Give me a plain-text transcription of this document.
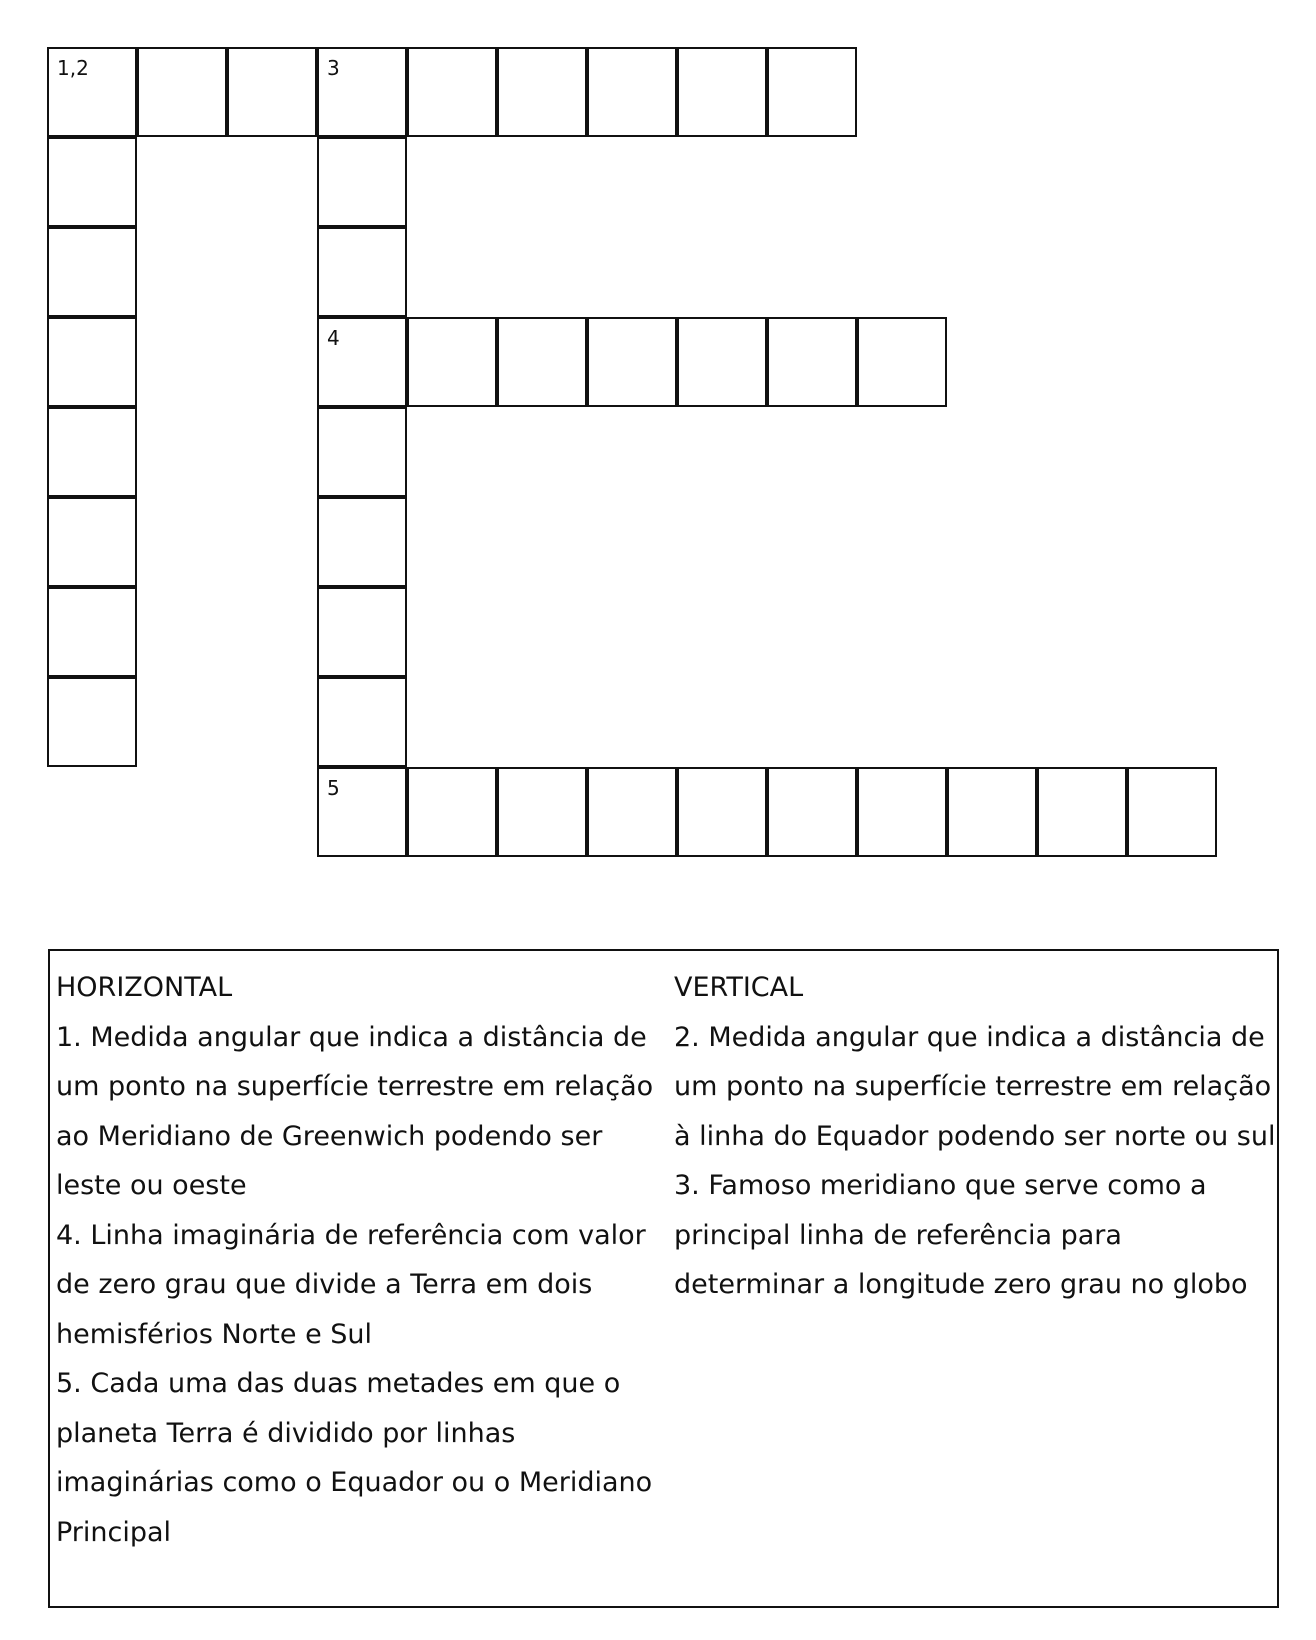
1,2	3
4
5
HORIZONTAL
1. Medida angular que indica a distância de
um ponto na superfície terrestre em relação
ao Meridiano de Greenwich podendo ser
leste ou oeste
4. Linha imaginária de referência com valor
de zero grau que divide a Terra em dois
hemisférios Norte e Sul
5. Cada uma das duas metades em que o
planeta Terra é dividido por linhas
imaginárias como o Equador ou o Meridiano
Principal
VERTICAL
2. Medida angular que indica a distância de
um ponto na superfície terrestre em relação
à linha do Equador podendo ser norte ou sul
3. Famoso meridiano que serve como a
principal linha de referência para
determinar a longitude zero grau no globo
